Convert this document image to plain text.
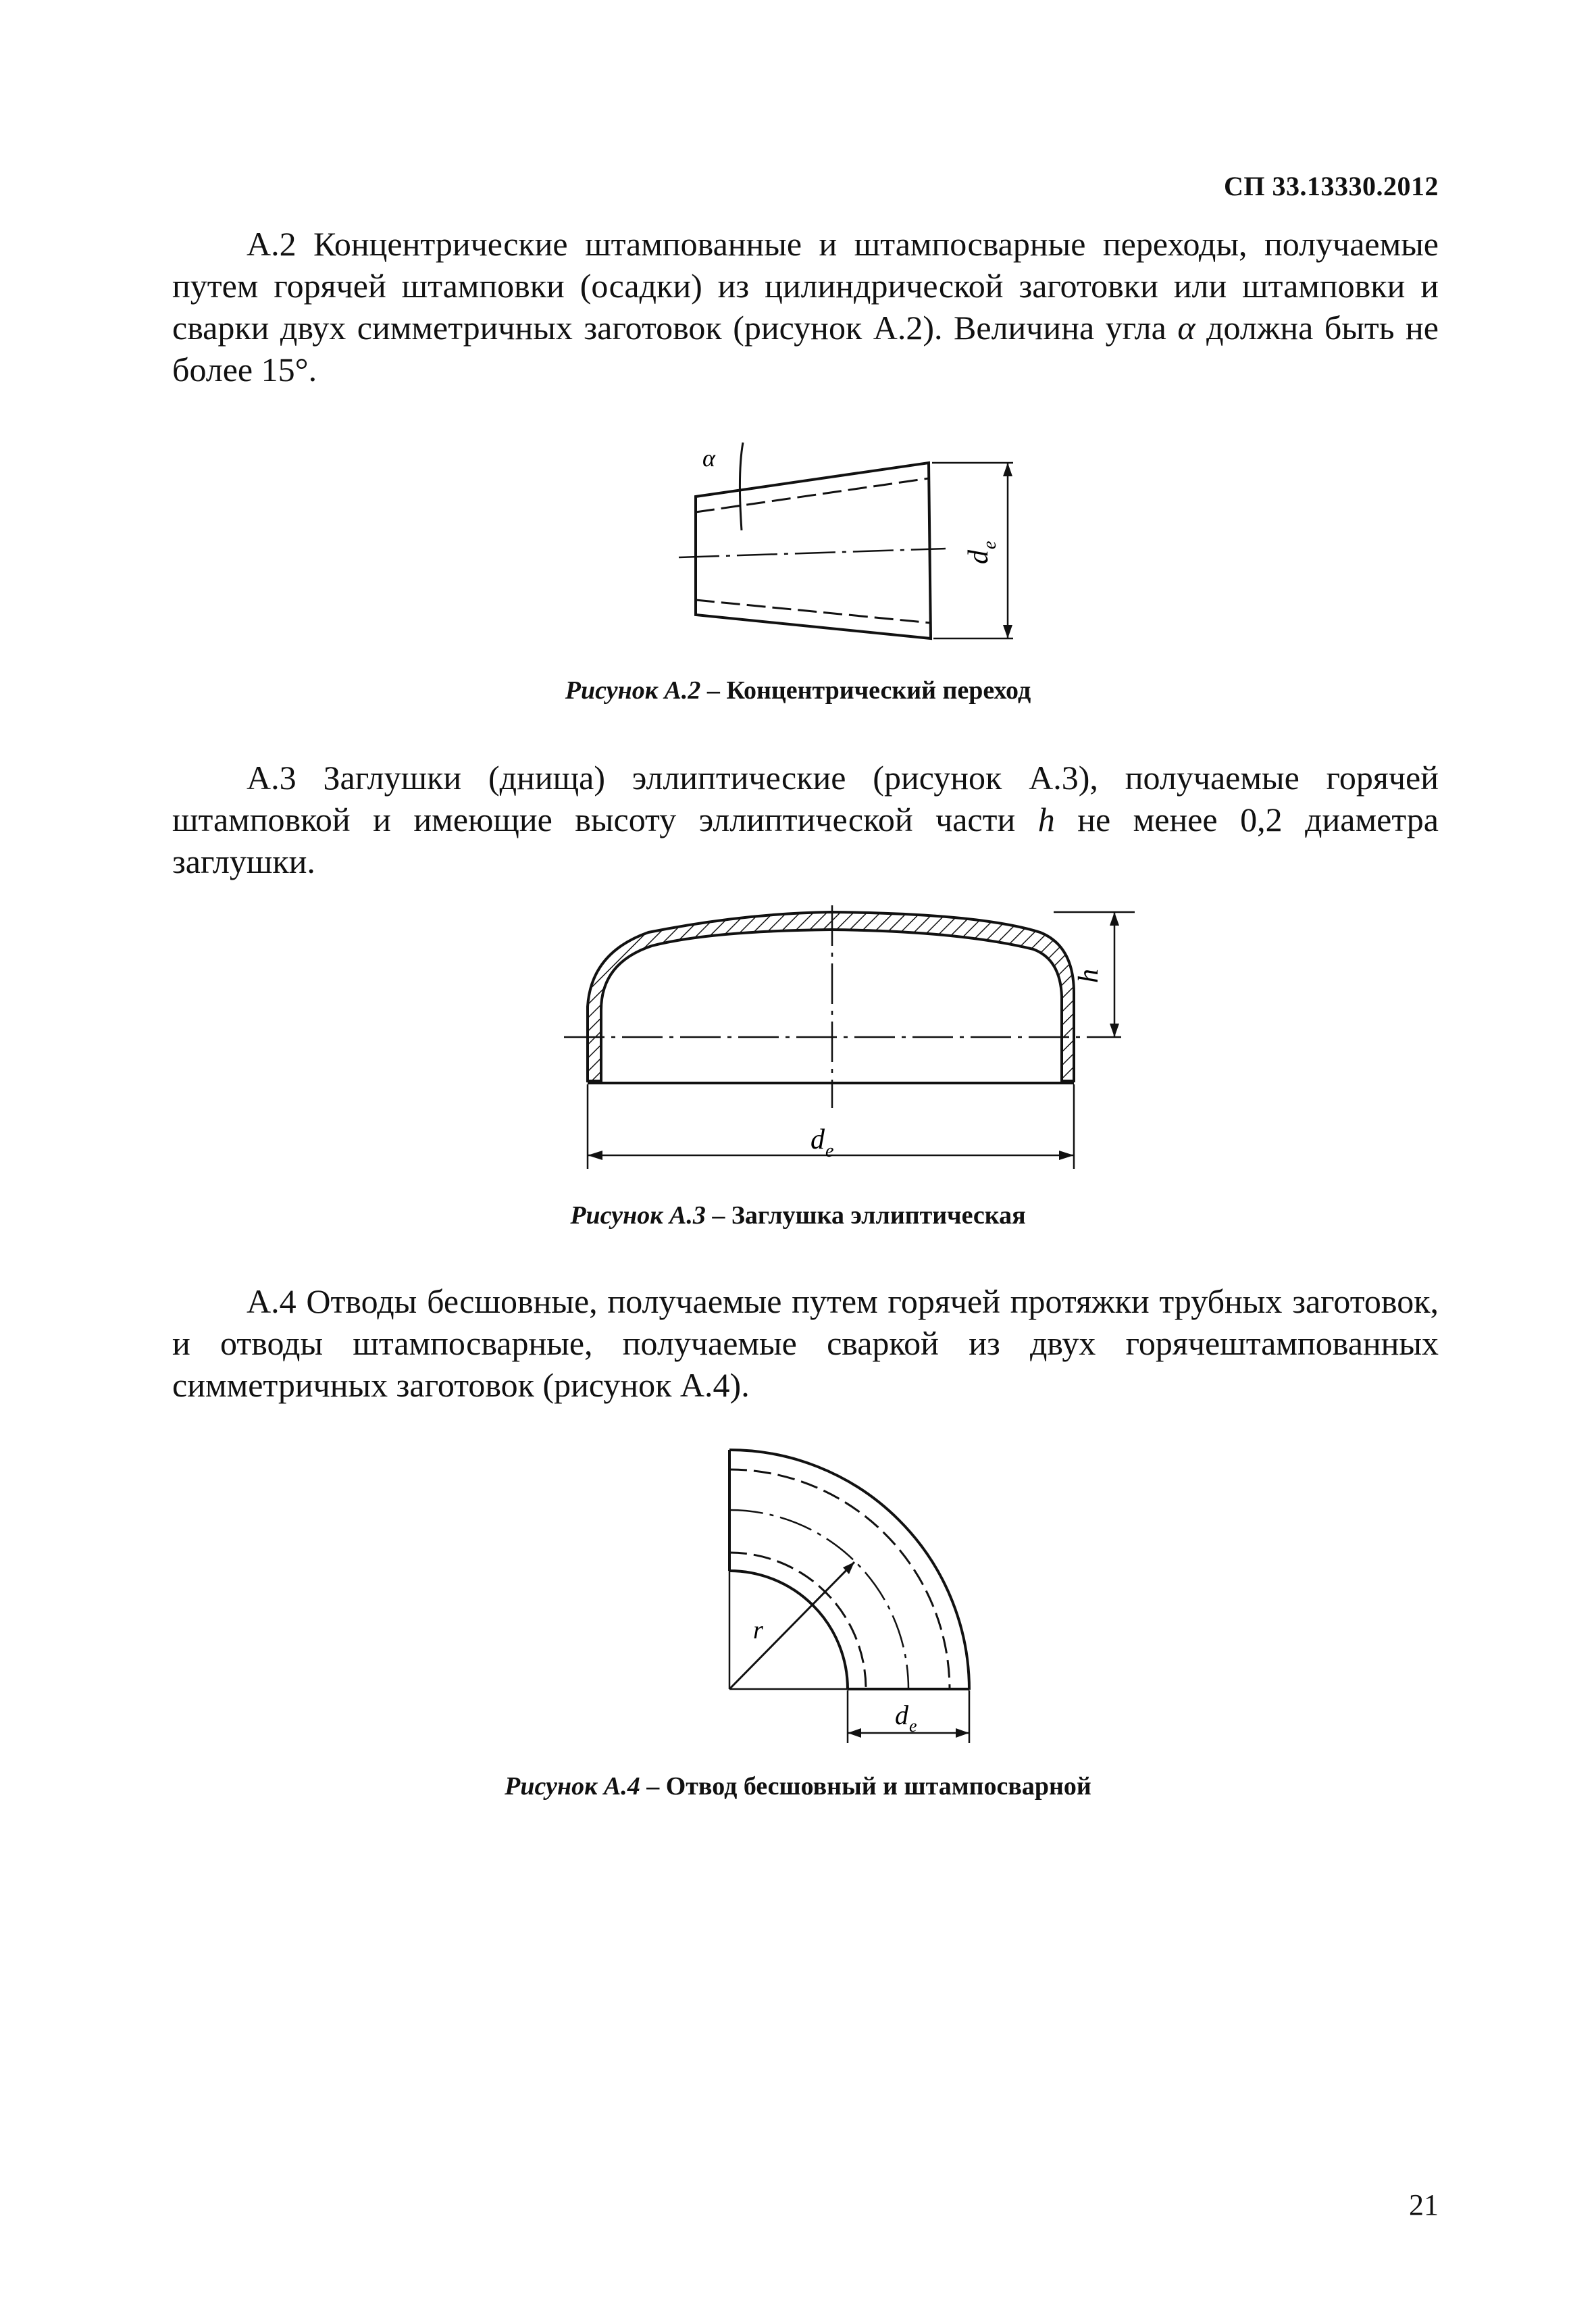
СП 33.13330.2012

А.2 Концентрические штампованные и штампосварные переходы, получаемые путем горячей штамповки (осадки) из цилиндрической заготовки или штамповки и сварки двух симметричных заготовок (рисунок А.2). Величина угла α должна быть не более 15°.

α
d
e
Рисунок А.2 – Концентрический переход

А.3 Заглушки (днища) эллиптические (рисунок А.3), получаемые горячей штамповкой и имеющие высоту эллиптической части h не менее 0,2 диаметра заглушки.

h
d e
Рисунок А.3 – Заглушка эллиптическая

А.4 Отводы бесшовные, получаемые путем горячей протяжки трубных заготовок, и отводы штампосварные, получаемые сваркой из двух горячештампованных симметричных заготовок (рисунок А.4).

r
d e
Рисунок А.4 – Отвод бесшовный и штампосварной
21
